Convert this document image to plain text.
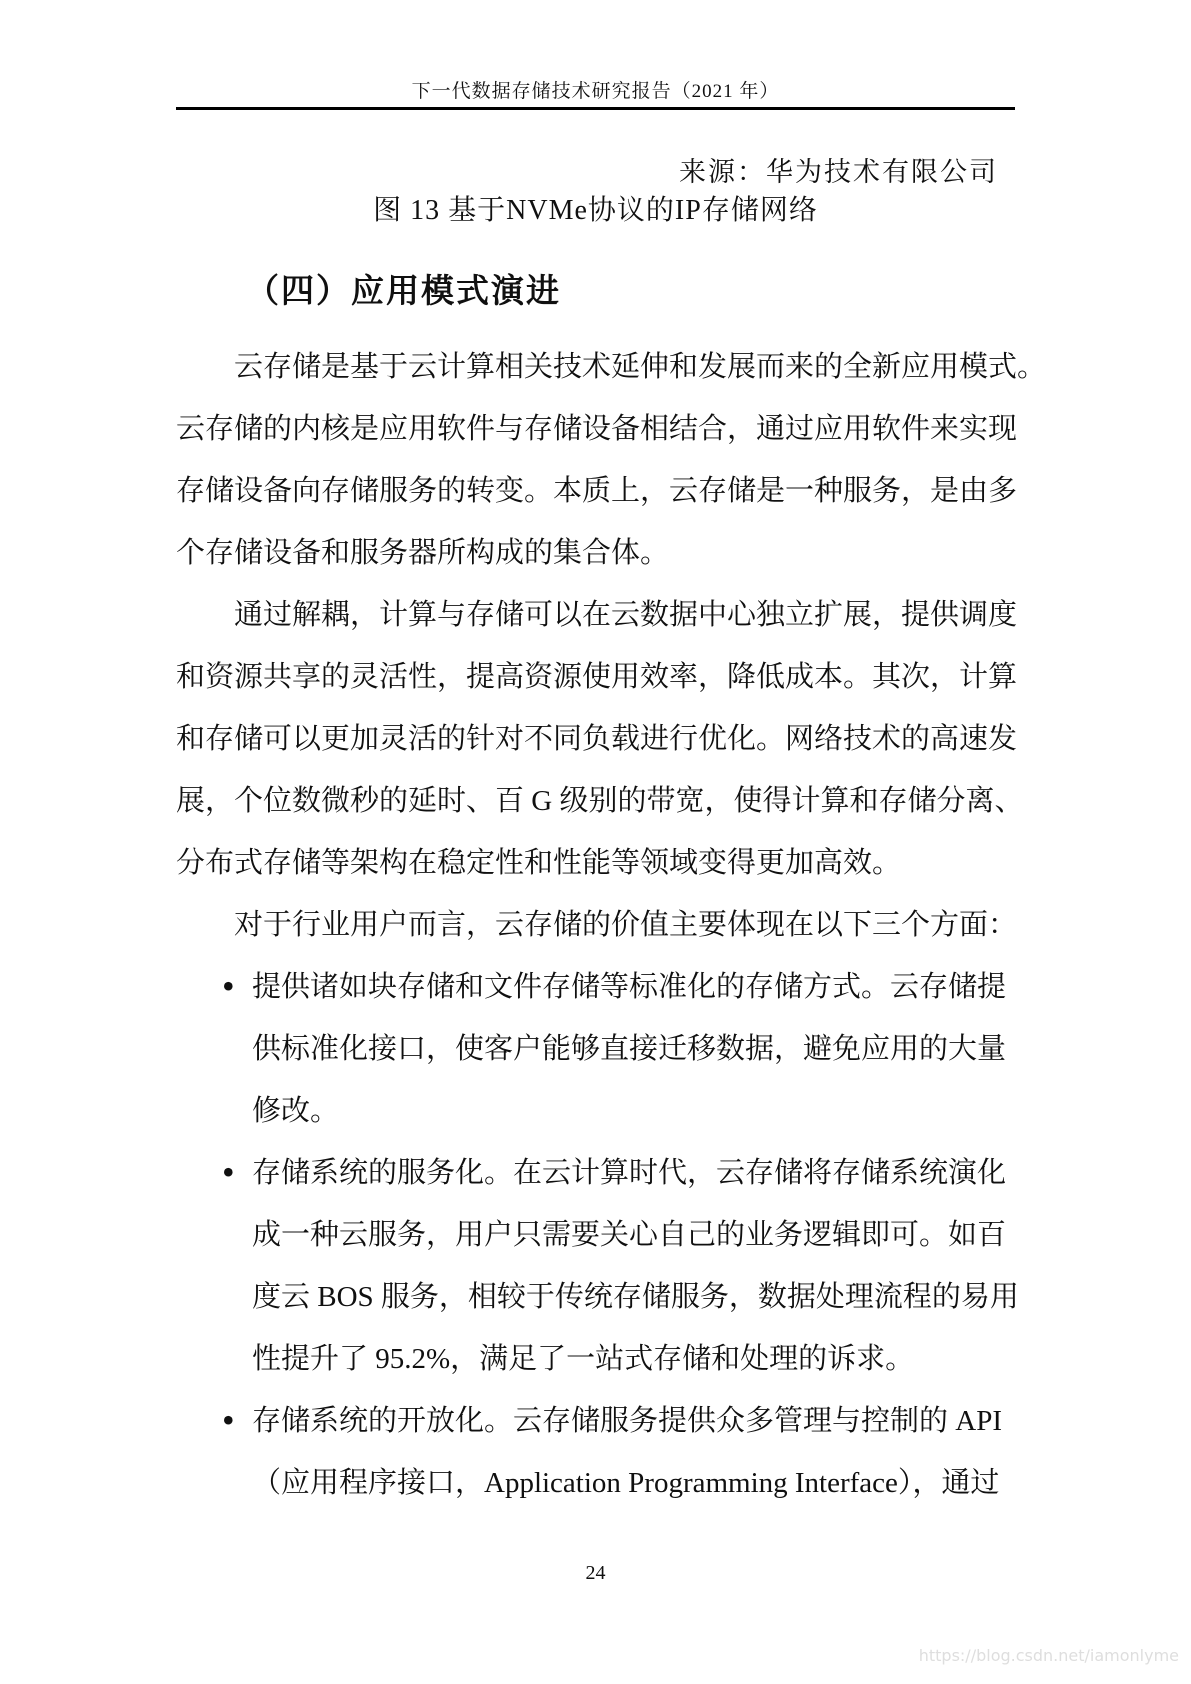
下一代数据存储技术研究报告（2021 年）
来源：华为技术有限公司
图 13 基于NVMe协议的IP存储网络
（四）应用模式演进
云存储是基于云计算相关技术延伸和发展而来的全新应用模式。
云存储的内核是应用软件与存储设备相结合，通过应用软件来实现
存储设备向存储服务的转变。本质上，云存储是一种服务，是由多
个存储设备和服务器所构成的集合体。
通过解耦，计算与存储可以在云数据中心独立扩展，提供调度
和资源共享的灵活性，提高资源使用效率，降低成本。其次，计算
和存储可以更加灵活的针对不同负载进行优化。网络技术的高速发
展，个位数微秒的延时、百 G 级别的带宽，使得计算和存储分离、
分布式存储等架构在稳定性和性能等领域变得更加高效。
对于行业用户而言，云存储的价值主要体现在以下三个方面：
• 提供诸如块存储和文件存储等标准化的存储方式。云存储提
供标准化接口，使客户能够直接迁移数据，避免应用的大量
修改。
• 存储系统的服务化。在云计算时代，云存储将存储系统演化
成一种云服务，用户只需要关心自己的业务逻辑即可。如百
度云 BOS 服务，相较于传统存储服务，数据处理流程的易用
性提升了 95.2%，满足了一站式存储和处理的诉求。
• 存储系统的开放化。云存储服务提供众多管理与控制的 API
（应用程序接口，Application Programming Interface），通过
24
https://blog.csdn.net/iamonlyme
